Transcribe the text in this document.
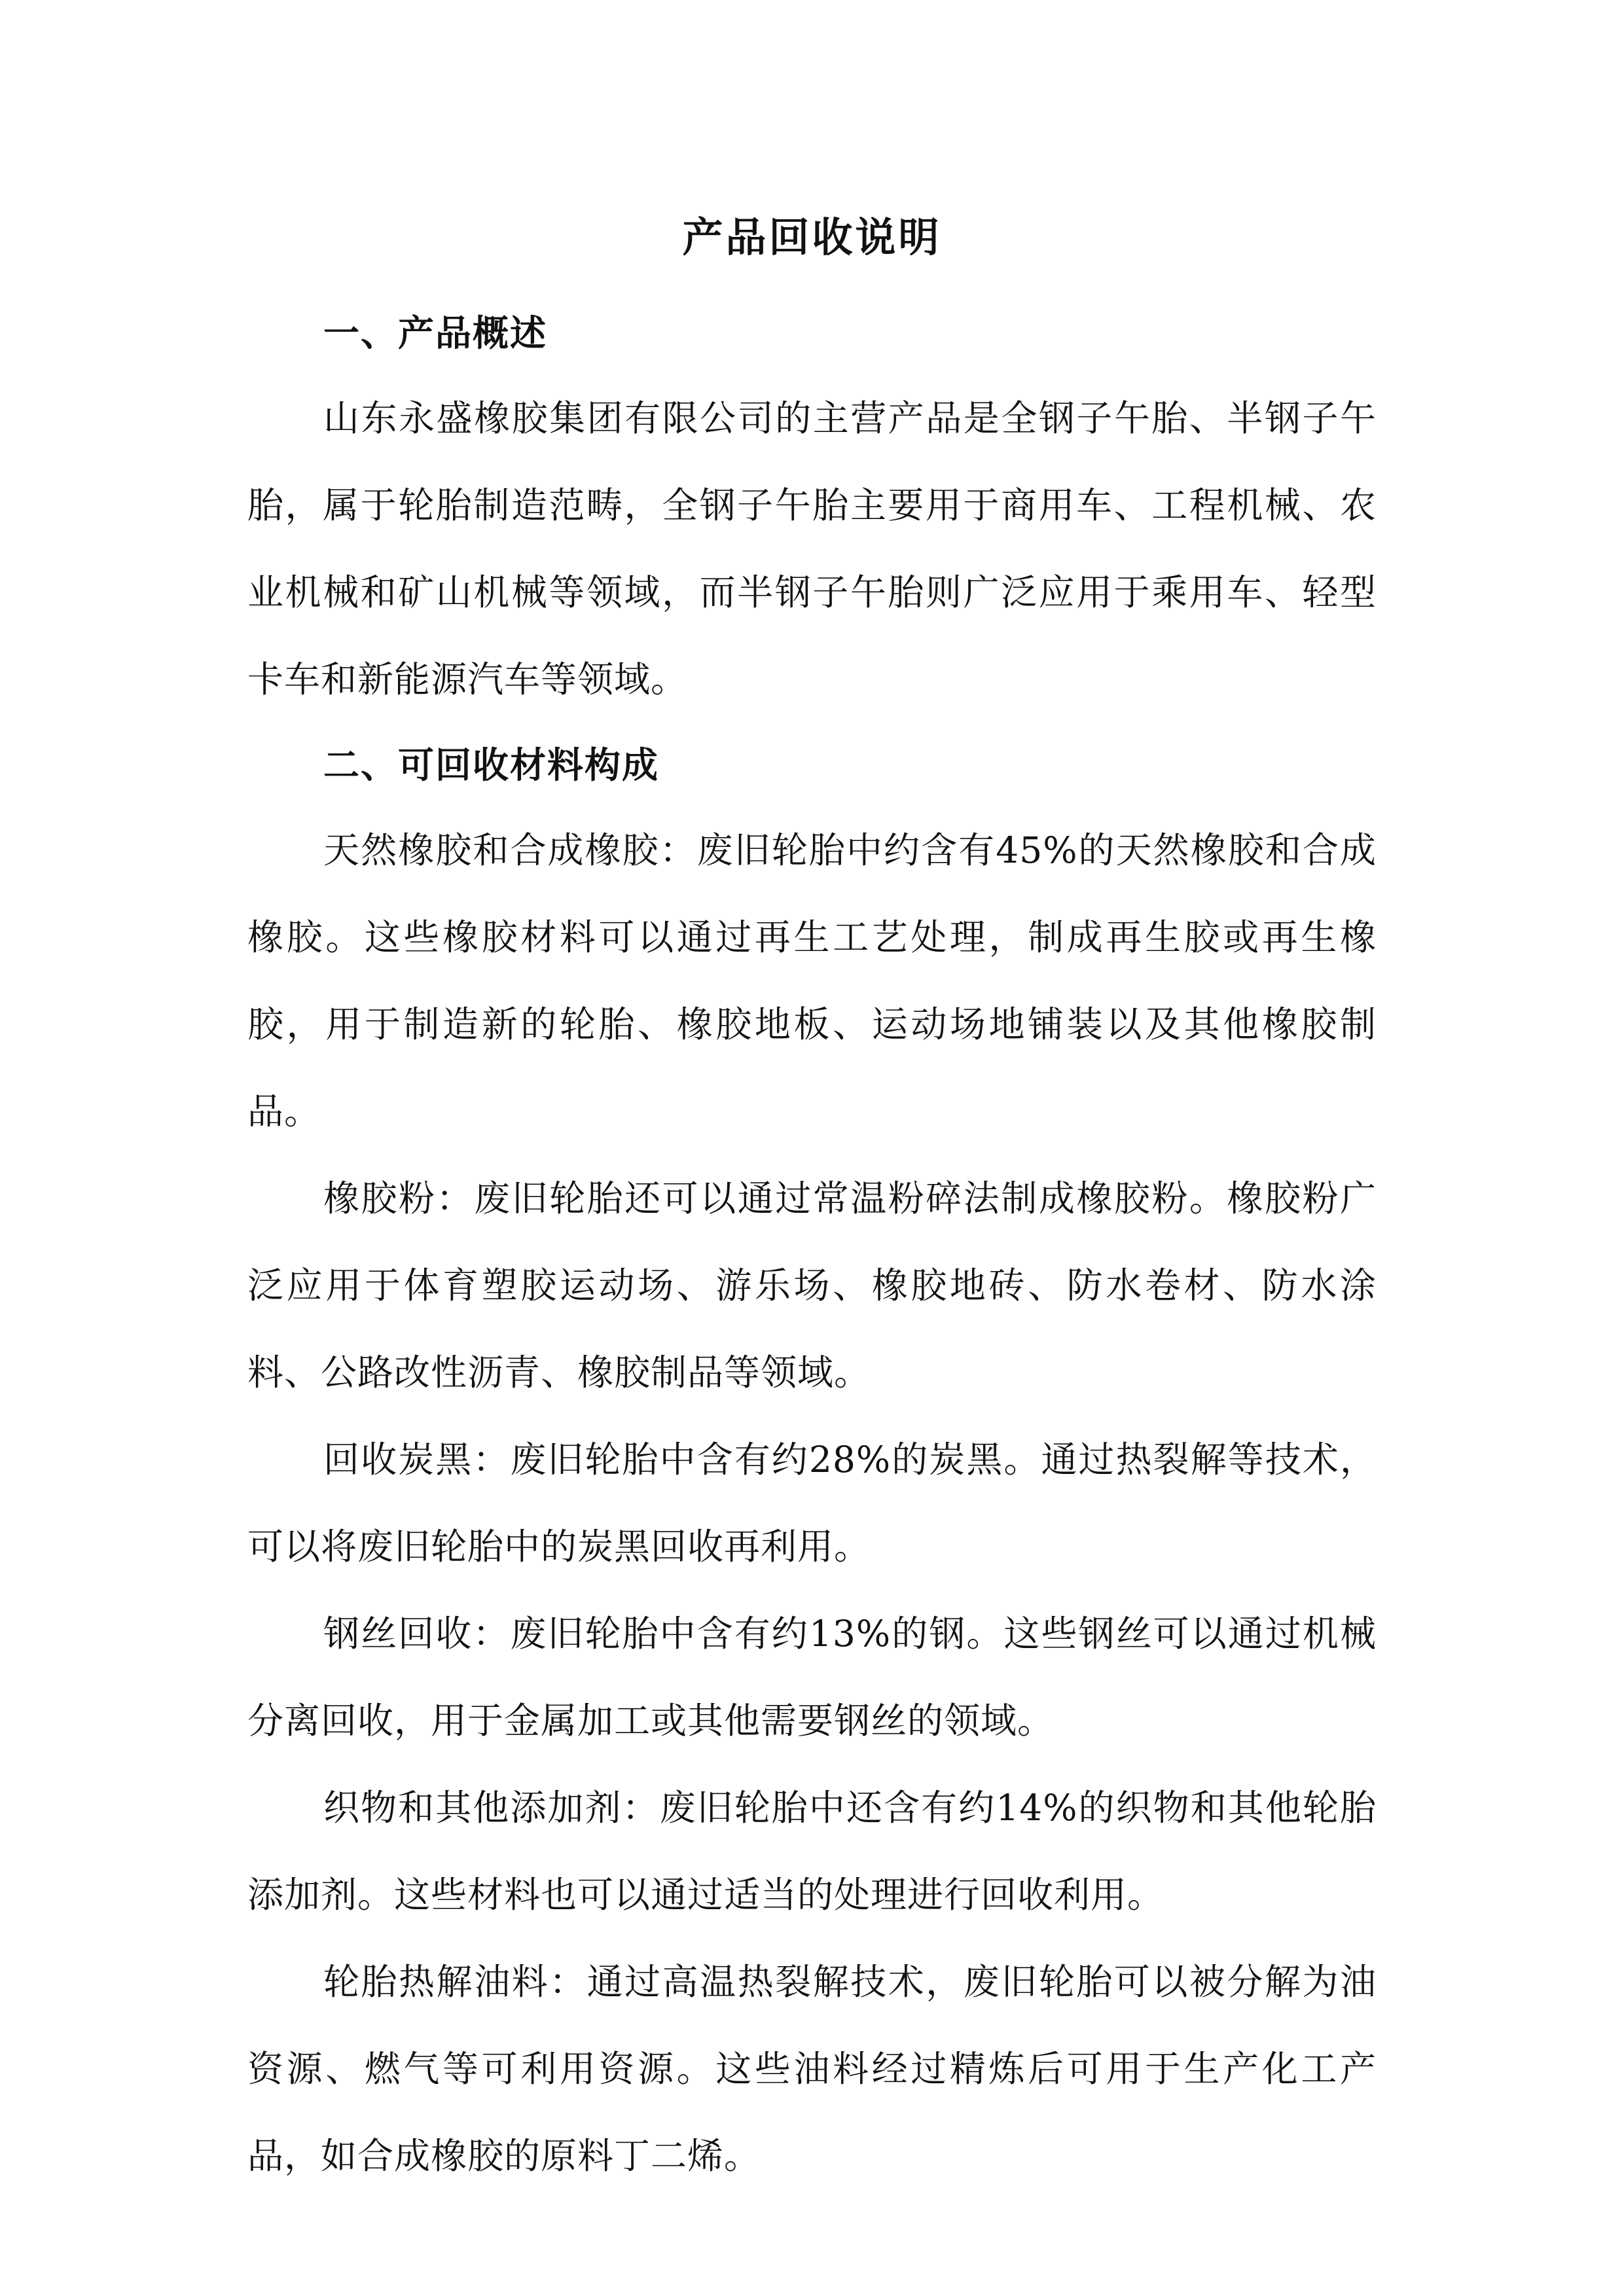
产品回收说明
一、产品概述

山东永盛橡胶集团有限公司的主营产品是全钢子午胎、半钢子午胎，属于轮胎制造范畴，全钢子午胎主要用于商用车、工程机械、农业机械和矿山机械等领域，而半钢子午胎则广泛应用于乘用车、轻型卡车和新能源汽车等领域。

二、可回收材料构成

天然橡胶和合成橡胶：废旧轮胎中约含有45%的天然橡胶和合成橡胶。这些橡胶材料可以通过再生工艺处理，制成再生胶或再生橡胶，用于制造新的轮胎、橡胶地板、运动场地铺装以及其他橡胶制品。

橡胶粉：废旧轮胎还可以通过常温粉碎法制成橡胶粉。橡胶粉广泛应用于体育塑胶运动场、游乐场、橡胶地砖、防水卷材、防水涂料、公路改性沥青、橡胶制品等领域。

回收炭黑：废旧轮胎中含有约28%的炭黑。通过热裂解等技术，可以将废旧轮胎中的炭黑回收再利用。

钢丝回收：废旧轮胎中含有约13%的钢。这些钢丝可以通过机械分离回收，用于金属加工或其他需要钢丝的领域。

织物和其他添加剂：废旧轮胎中还含有约14%的织物和其他轮胎添加剂。这些材料也可以通过适当的处理进行回收利用。

轮胎热解油料：通过高温热裂解技术，废旧轮胎可以被分解为油资源、燃气等可利用资源。这些油料经过精炼后可用于生产化工产品，如合成橡胶的原料丁二烯。
